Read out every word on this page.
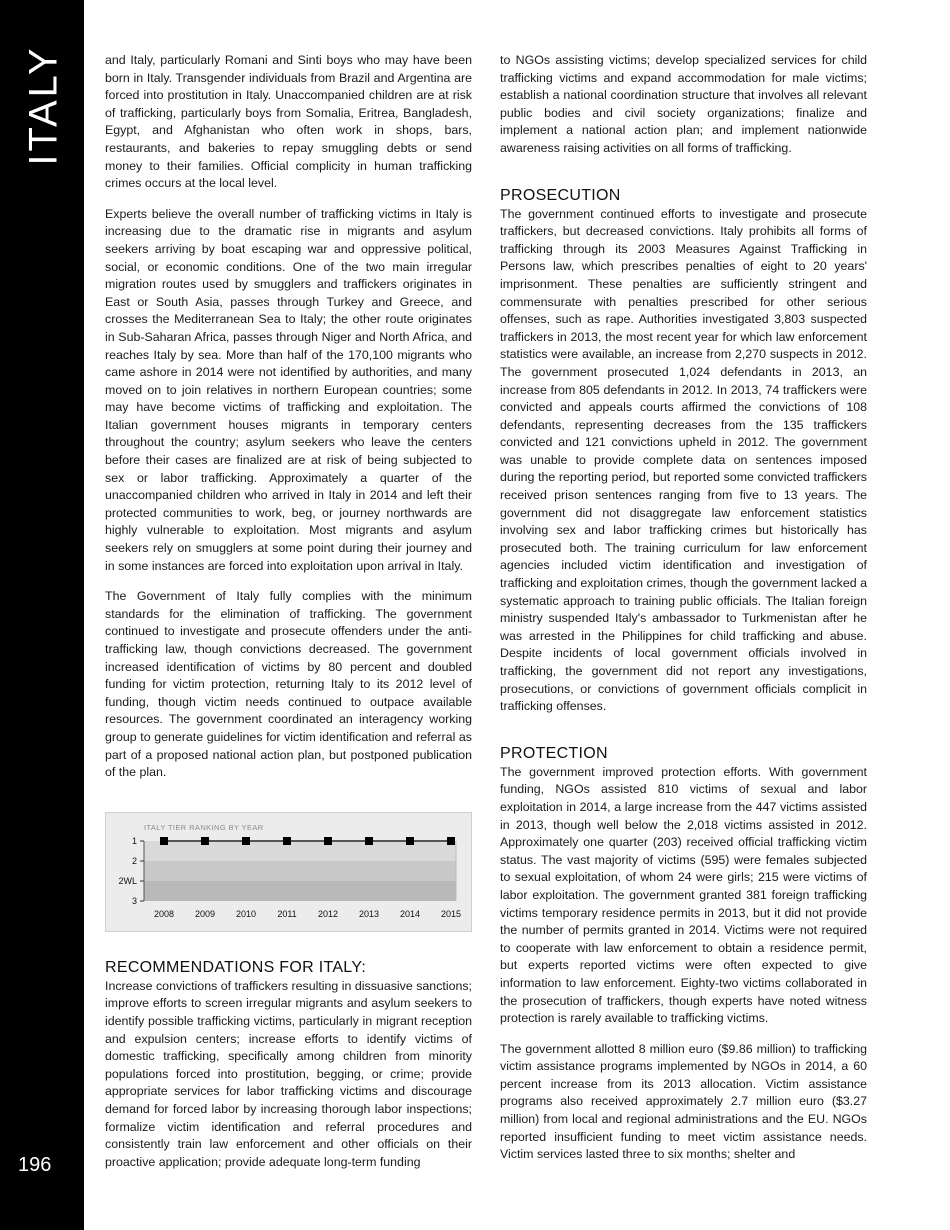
ITALY
196

and Italy, particularly Romani and Sinti boys who may have been born in Italy. Transgender individuals from Brazil and Argentina are forced into prostitution in Italy. Unaccompanied children are at risk of trafficking, particularly boys from Somalia, Eritrea, Bangladesh, Egypt, and Afghanistan who often work in shops, bars, restaurants, and bakeries to repay smuggling debts or send money to their families. Official complicity in human trafficking crimes occurs at the local level.

Experts believe the overall number of trafficking victims in Italy is increasing due to the dramatic rise in migrants and asylum seekers arriving by boat escaping war and oppressive political, social, or economic conditions. One of the two main irregular migration routes used by smugglers and traffickers originates in East or South Asia, passes through Turkey and Greece, and crosses the Mediterranean Sea to Italy; the other route originates in Sub-Saharan Africa, passes through Niger and North Africa, and reaches Italy by sea. More than half of the 170,100 migrants who came ashore in 2014 were not identified by authorities, and many moved on to join relatives in northern European countries; some may have become victims of trafficking and exploitation. The Italian government houses migrants in temporary centers throughout the country; asylum seekers who leave the centers before their cases are finalized are at risk of being subjected to sex or labor trafficking. Approximately a quarter of the unaccompanied children who arrived in Italy in 2014 and left their protected communities to work, beg, or journey northwards are highly vulnerable to exploitation. Most migrants and asylum seekers rely on smugglers at some point during their journey and in some instances are forced into exploitation upon arrival in Italy.

The Government of Italy fully complies with the minimum standards for the elimination of trafficking. The government continued to investigate and prosecute offenders under the anti-trafficking law, though convictions decreased. The government increased identification of victims by 80 percent and doubled funding for victim protection, returning Italy to its 2012 level of funding, though victim needs continued to outpace available resources. The government coordinated an interagency working group to generate guidelines for victim identification and referral as part of a proposed national action plan, but postponed publication of the plan.

ITALY TIER RANKING BY YEAR
1
2
2WL
3
2008 2009 2010 2011 2012 2013 2014 2015
RECOMMENDATIONS FOR ITALY:

Increase convictions of traffickers resulting in dissuasive sanctions; improve efforts to screen irregular migrants and asylum seekers to identify possible trafficking victims, particularly in migrant reception and expulsion centers; increase efforts to identify victims of domestic trafficking, specifically among children from minority populations forced into prostitution, begging, or crime; provide appropriate services for labor trafficking victims and discourage demand for forced labor by increasing thorough labor inspections; formalize victim identification and referral procedures and consistently train law enforcement and other officials on their proactive application; provide adequate long-term funding

to NGOs assisting victims; develop specialized services for child trafficking victims and expand accommodation for male victims; establish a national coordination structure that involves all relevant public bodies and civil society organizations; finalize and implement a national action plan; and implement nationwide awareness raising activities on all forms of trafficking.

PROSECUTION

The government continued efforts to investigate and prosecute traffickers, but decreased convictions. Italy prohibits all forms of trafficking through its 2003 Measures Against Trafficking in Persons law, which prescribes penalties of eight to 20 years' imprisonment. These penalties are sufficiently stringent and commensurate with penalties prescribed for other serious offenses, such as rape. Authorities investigated 3,803 suspected traffickers in 2013, the most recent year for which law enforcement statistics were available, an increase from 2,270 suspects in 2012. The government prosecuted 1,024 defendants in 2013, an increase from 805 defendants in 2012. In 2013, 74 traffickers were convicted and appeals courts affirmed the convictions of 108 defendants, representing decreases from the 135 traffickers convicted and 121 convictions upheld in 2012. The government was unable to provide complete data on sentences imposed during the reporting period, but reported some convicted traffickers received prison sentences ranging from five to 13 years. The government did not disaggregate law enforcement statistics involving sex and labor trafficking crimes but historically has prosecuted both. The training curriculum for law enforcement agencies included victim identification and investigation of trafficking and exploitation crimes, though the government lacked a systematic approach to training public officials. The Italian foreign ministry suspended Italy's ambassador to Turkmenistan after he was arrested in the Philippines for child trafficking and abuse. Despite incidents of local government officials involved in trafficking, the government did not report any investigations, prosecutions, or convictions of government officials complicit in trafficking offenses.

PROTECTION

The government improved protection efforts. With government funding, NGOs assisted 810 victims of sexual and labor exploitation in 2014, a large increase from the 447 victims assisted in 2013, though well below the 2,018 victims assisted in 2012. Approximately one quarter (203) received official trafficking victim status. The vast majority of victims (595) were females subjected to sexual exploitation, of whom 24 were girls; 215 were victims of labor exploitation. The government granted 381 foreign trafficking victims temporary residence permits in 2013, but it did not provide the number of permits granted in 2014. Victims were not required to cooperate with law enforcement to obtain a residence permit, but experts reported victims were often expected to give information to law enforcement. Eighty-two victims collaborated in the prosecution of traffickers, though experts have noted witness protection is rarely available to trafficking victims.

The government allotted 8 million euro ($9.86 million) to trafficking victim assistance programs implemented by NGOs in 2014, a 60 percent increase from its 2013 allocation. Victim assistance programs also received approximately 2.7 million euro ($3.27 million) from local and regional administrations and the EU. NGOs reported insufficient funding to meet victim assistance needs. Victim services lasted three to six months; shelter and
